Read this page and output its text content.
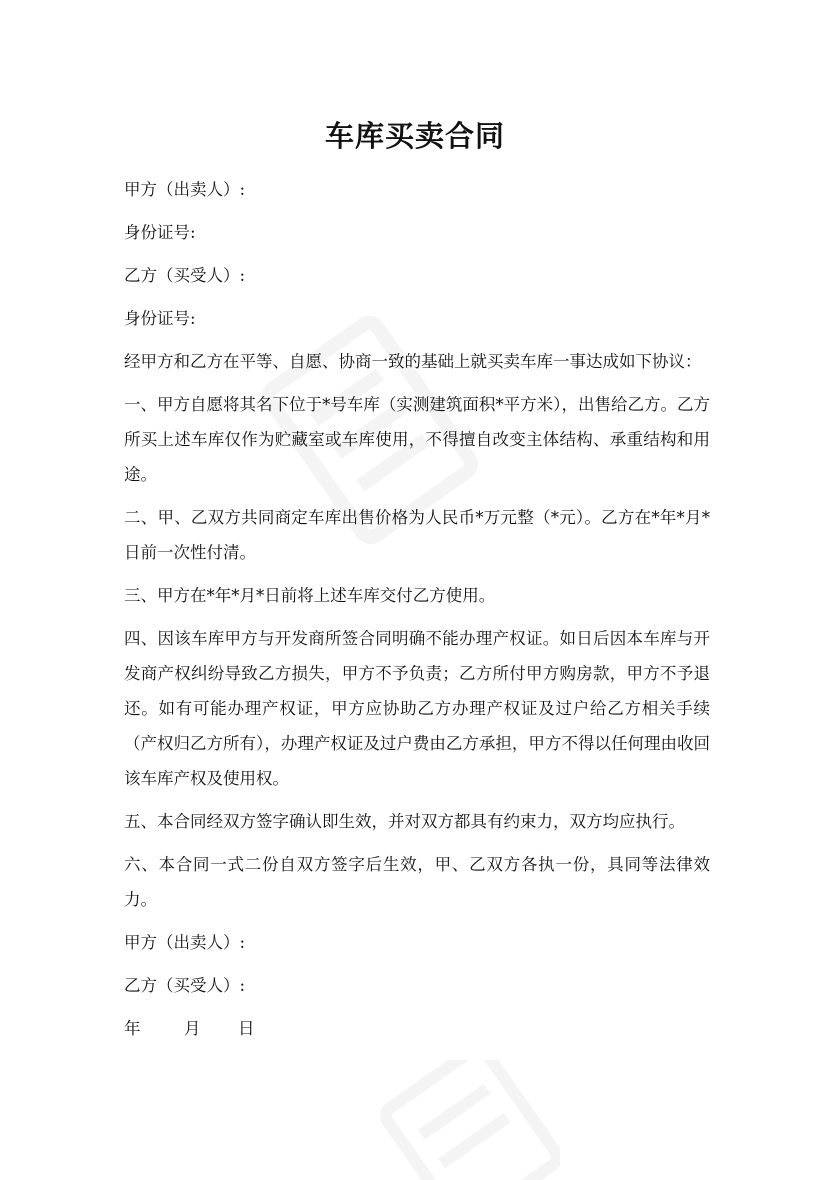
车库买卖合同

甲方（出卖人）:

身份证号:

乙方（买受人）:

身份证号:

经甲方和乙方在平等、自愿、协商一致的基础上就买卖车库一事达成如下协议：

一、甲方自愿将其名下位于*号车库（实测建筑面积*平方米），出售给乙方。乙方所买上述车库仅作为贮藏室或车库使用，不得擅自改变主体结构、承重结构和用途。

二、甲、乙双方共同商定车库出售价格为人民币*万元整（*元）。乙方在*年*月*日前一次性付清。

三、甲方在*年*月*日前将上述车库交付乙方使用。

四、因该车库甲方与开发商所签合同明确不能办理产权证。如日后因本车库与开发商产权纠纷导致乙方损失，甲方不予负责；乙方所付甲方购房款，甲方不予退还。如有可能办理产权证，甲方应协助乙方办理产权证及过户给乙方相关手续（产权归乙方所有），办理产权证及过户费由乙方承担，甲方不得以任何理由收回该车库产权及使用权。

五、本合同经双方签字确认即生效，并对双方都具有约束力，双方均应执行。

六、本合同一式二份自双方签字后生效，甲、乙双方各执一份，具同等法律效力。

甲方（出卖人）:

乙方（买受人）:

年	月 日
